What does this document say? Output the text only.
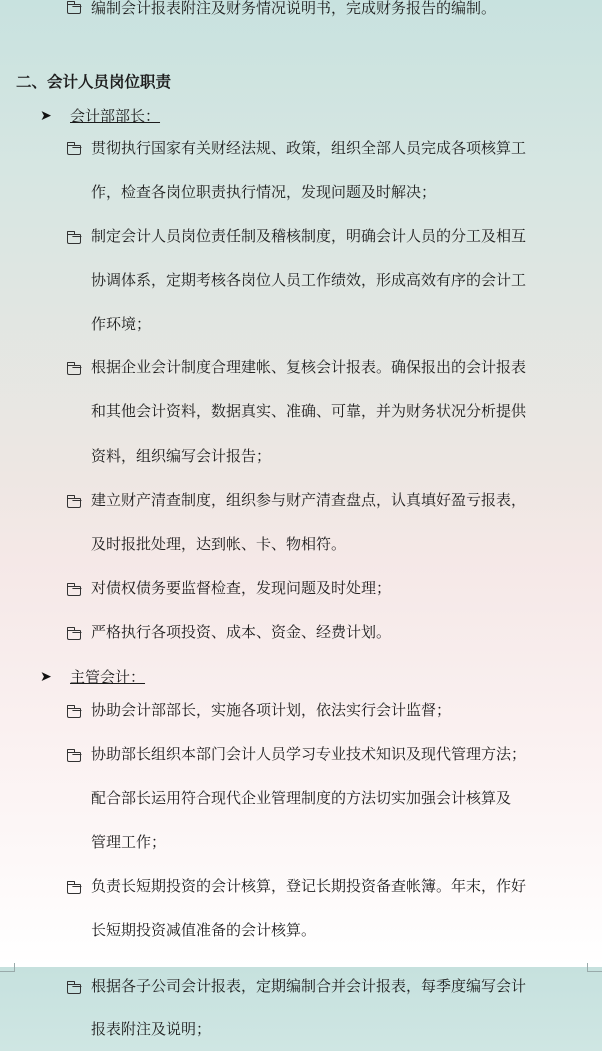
编制会计报表附注及财务情况说明书，完成财务报告的编制。
二、会计人员岗位职责
➤ 会计部部长：
贯彻执行国家有关财经法规、政策，组织全部人员完成各项核算工
作，检查各岗位职责执行情况，发现问题及时解决；
制定会计人员岗位责任制及稽核制度，明确会计人员的分工及相互
协调体系，定期考核各岗位人员工作绩效，形成高效有序的会计工
作环境；
根据企业会计制度合理建帐、复核会计报表。确保报出的会计报表
和其他会计资料，数据真实、准确、可靠，并为财务状况分析提供
资料，组织编写会计报告；
建立财产清查制度，组织参与财产清查盘点，认真填好盈亏报表，
及时报批处理，达到帐、卡、物相符。
对债权债务要监督检查，发现问题及时处理；
严格执行各项投资、成本、资金、经费计划。
➤ 主管会计：
协助会计部部长，实施各项计划，依法实行会计监督；
协助部长组织本部门会计人员学习专业技术知识及现代管理方法；
配合部长运用符合现代企业管理制度的方法切实加强会计核算及
管理工作；
负责长短期投资的会计核算，登记长期投资备查帐簿。年末，作好
长短期投资减值准备的会计核算。
根据各子公司会计报表，定期编制合并会计报表，每季度编写会计
报表附注及说明；
